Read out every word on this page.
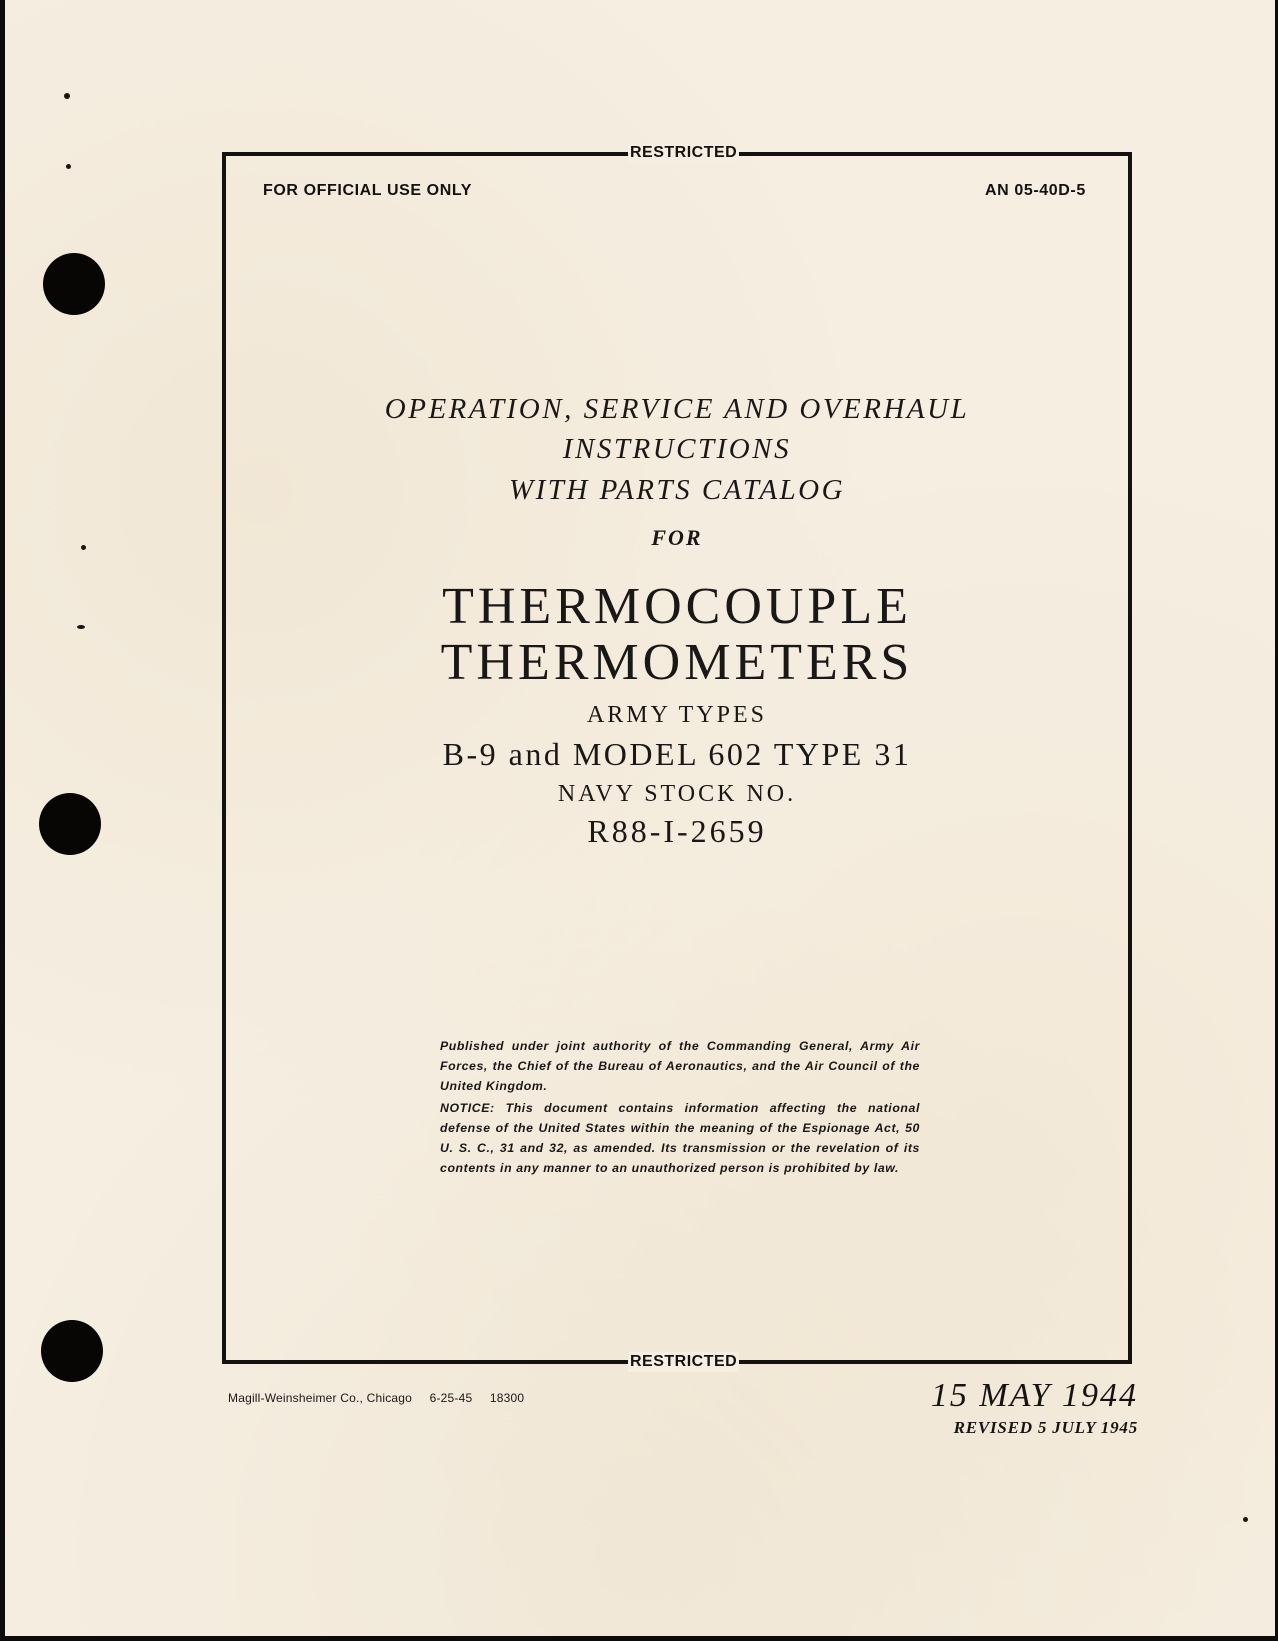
RESTRICTED
RESTRICTED
FOR OFFICIAL USE ONLY	AN 05-40D-5
OPERATION, SERVICE AND OVERHAUL
INSTRUCTIONS
WITH PARTS CATALOG
FOR
THERMOCOUPLE
THERMOMETERS
ARMY TYPES
B-9 and MODEL 602 TYPE 31
NAVY STOCK NO.
R88-I-2659

Published under joint authority of the Commanding General, Army Air Forces, the Chief of the Bureau of Aeronautics, and the Air Council of the United Kingdom.

NOTICE: This document contains information affecting the national defense of the United States within the meaning of the Espionage Act, 50 U. S. C., 31 and 32, as amended. Its transmission or the revelation of its contents in any manner to an unauthorized person is prohibited by law.

Magill-Weinsheimer Co., Chicago 6-25-45 18300	15 MAY 1944
REVISED 5 JULY 1945
